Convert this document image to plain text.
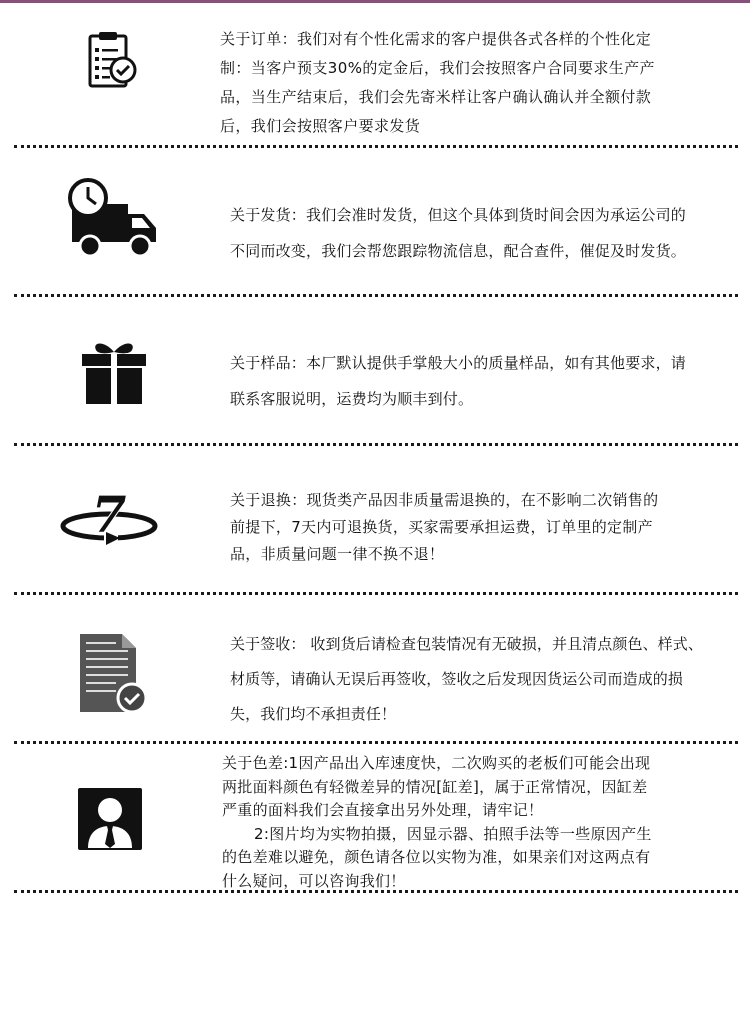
关于订单：我们对有个性化需求的客户提供各式各样的个性化定

制：当客户预支30%的定金后，我们会按照客户合同要求生产产

品，当生产结束后，我们会先寄米样让客户确认确认并全额付款

后，我们会按照客户要求发货

关于发货：我们会准时发货，但这个具体到货时间会因为承运公司的

不同而改变，我们会帮您跟踪物流信息，配合查件，催促及时发货。

关于样品：本厂默认提供手掌般大小的质量样品，如有其他要求，请

联系客服说明，运费均为顺丰到付。

7	关于退换：现货类产品因非质量需退换的，在不影响二次销售的

前提下，7天内可退换货，买家需要承担运费，订单里的定制产

品，非质量问题一律不换不退！

关于签收： 收到货后请检查包装情况有无破损，并且清点颜色、样式、

材质等，请确认无误后再签收，签收之后发现因货运公司而造成的损

失，我们均不承担责任！

关于色差:1因产品出入库速度快，二次购买的老板们可能会出现

两批面料颜色有轻微差异的情况[缸差]，属于正常情况，因缸差

严重的面料我们会直接拿出另外处理，请牢记！

2:图片均为实物拍摄，因显示器、拍照手法等一些原因产生

的色差难以避免，颜色请各位以实物为准，如果亲们对这两点有

什么疑问，可以咨询我们！
